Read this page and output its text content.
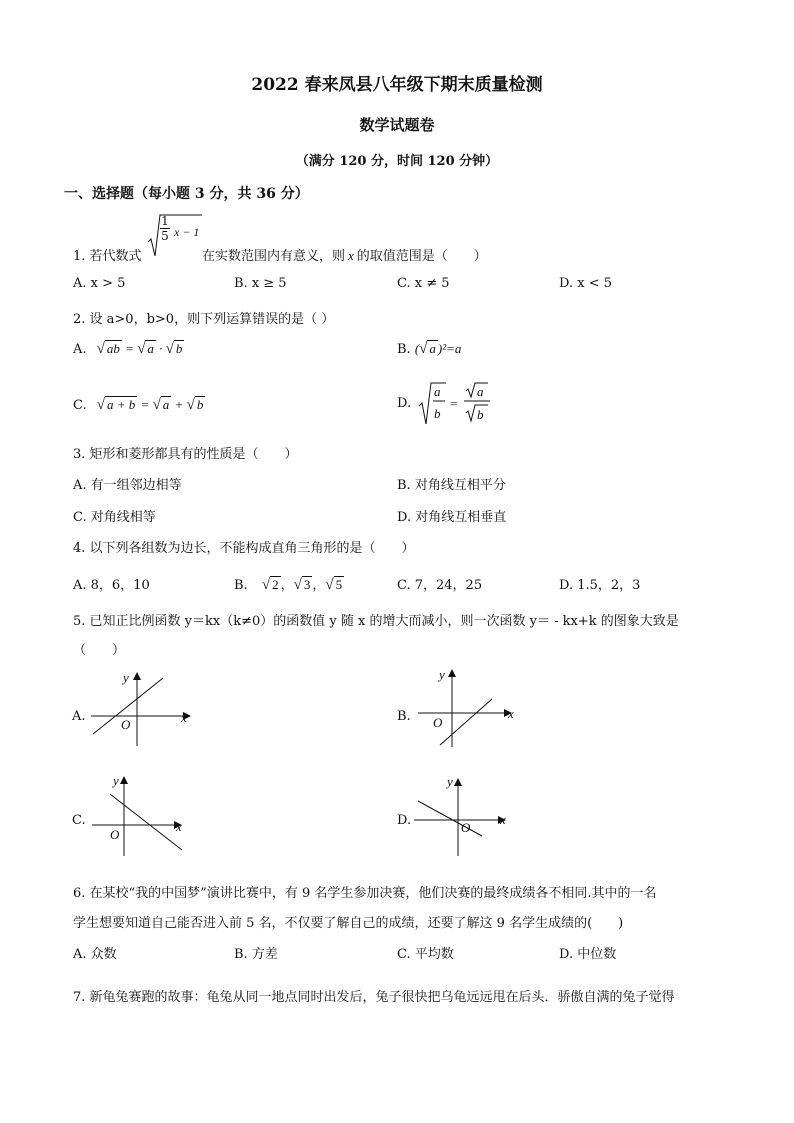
2022 春来凤县八年级下期末质量检测
数学试题卷
（满分 120 分，时间 120 分钟）
一、选择题（每小题 3 分，共 36 分）
1. 若代数式
$\frac{1}{5}$ x − 1
在实数范围内有意义，则 x 的取值范围是（　　）
A. x > 5	B. x ≥ 5	C. x ≠ 5	D. x < 5
2. 设 a>0，b>0，则下列运算错误的是（ ）
A. √ ab = √ a · √ b	B. (√ a )²=a
C. √ a + b = √ a + √ b	D.
a
b
=
a
b
3. 矩形和菱形都具有的性质是（　　）
A. 有一组邻边相等	B. 对角线互相平分
C. 对角线相等	D. 对角线互相垂直
4. 以下列各组数为边长，不能构成直角三角形的是（　　）
A. 8，6，10	B. √ 2 ，√ 3 ，√ 5	C. 7，24，25	D. 1.5，2，3
5. 已知正比例函数 y＝kx（k≠0）的函数值 y 随 x 的增大而减小，则一次函数 y＝ - kx+k 的图象大致是
（　　）
A.	x
y
O
B.	x
y
O
C.	x
y
O
D.	x
y
O
6. 在某校“我的中国梦”演讲比赛中，有 9 名学生参加决赛，他们决赛的最终成绩各不相同.其中的一名
学生想要知道自己能否进入前 5 名，不仅要了解自己的成绩，还要了解这 9 名学生成绩的(　　)
A. 众数	B. 方差	C. 平均数	D. 中位数
7. 新龟兔赛跑的故事：龟兔从同一地点同时出发后，兔子很快把乌龟远远甩在后头．骄傲自满的兔子觉得
